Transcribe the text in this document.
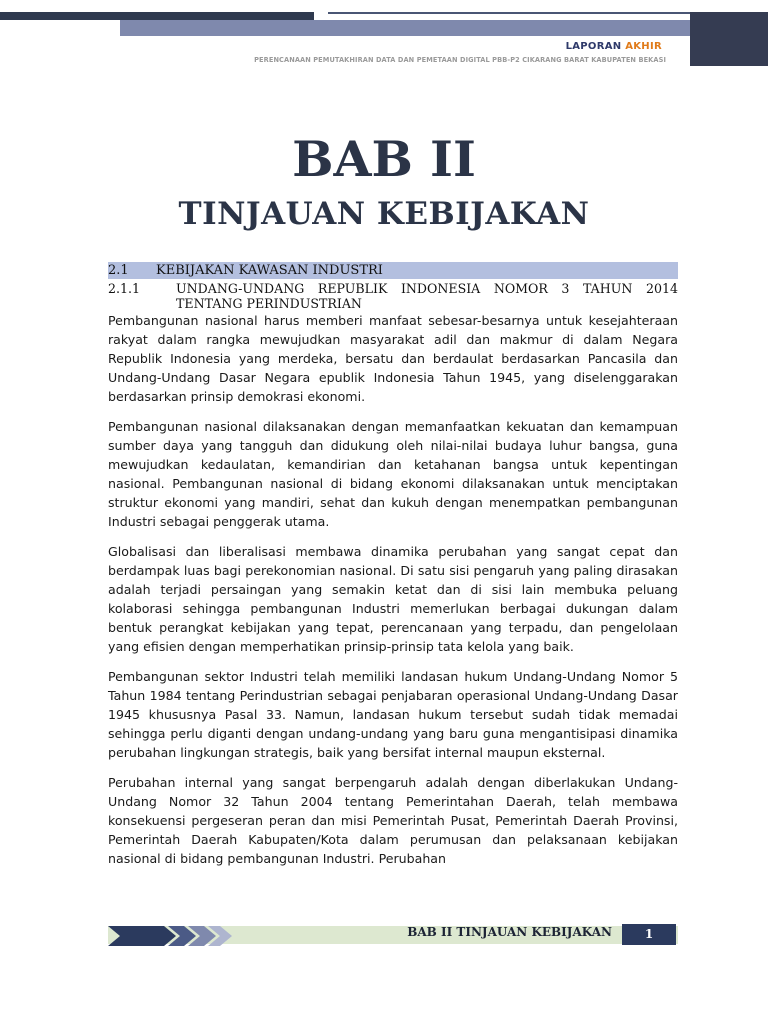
LAPORAN AKHIR
PERENCANAAN PEMUTAKHIRAN DATA DAN PEMETAAN DIGITAL PBB-P2 CIKARANG BARAT KABUPATEN BEKASI
BAB II
TINJAUAN KEBIJAKAN
2.1	KEBIJAKAN KAWASAN INDUSTRI
2.1.1	UNDANG-UNDANG REPUBLIK INDONESIA NOMOR 3 TAHUN 2014 TENTANG PERINDUSTRIAN

Pembangunan nasional harus memberi manfaat sebesar-besarnya untuk kesejahteraan rakyat dalam rangka mewujudkan masyarakat adil dan makmur di dalam Negara Republik Indonesia yang merdeka, bersatu dan berdaulat berdasarkan Pancasila dan Undang-Undang Dasar Negara epublik Indonesia Tahun 1945, yang diselenggarakan berdasarkan prinsip demokrasi ekonomi.

Pembangunan nasional dilaksanakan dengan memanfaatkan kekuatan dan kemampuan sumber daya yang tangguh dan didukung oleh nilai-nilai budaya luhur bangsa, guna mewujudkan kedaulatan, kemandirian dan ketahanan bangsa untuk kepentingan nasional. Pembangunan nasional di bidang ekonomi dilaksanakan untuk menciptakan struktur ekonomi yang mandiri, sehat dan kukuh dengan menempatkan pembangunan Industri sebagai penggerak utama.

Globalisasi dan liberalisasi membawa dinamika perubahan yang sangat cepat dan berdampak luas bagi perekonomian nasional. Di satu sisi pengaruh yang paling dirasakan adalah terjadi persaingan yang semakin ketat dan di sisi lain membuka peluang kolaborasi sehingga pembangunan Industri memerlukan berbagai dukungan dalam bentuk perangkat kebijakan yang tepat, perencanaan yang terpadu, dan pengelolaan yang efisien dengan memperhatikan prinsip-prinsip tata kelola yang baik.

Pembangunan sektor Industri telah memiliki landasan hukum Undang-Undang Nomor 5 Tahun 1984 tentang Perindustrian sebagai penjabaran operasional Undang-Undang Dasar 1945 khususnya Pasal 33. Namun, landasan hukum tersebut sudah tidak memadai sehingga perlu diganti dengan undang-undang yang baru guna mengantisipasi dinamika perubahan lingkungan strategis, baik yang bersifat internal maupun eksternal.

Perubahan internal yang sangat berpengaruh adalah dengan diberlakukan Undang-Undang Nomor 32 Tahun 2004 tentang Pemerintahan Daerah, telah membawa konsekuensi pergeseran peran dan misi Pemerintah Pusat, Pemerintah Daerah Provinsi, Pemerintah Daerah Kabupaten/Kota dalam perumusan dan pelaksanaan kebijakan nasional di bidang pembangunan Industri. Perubahan

BAB II TINJAUAN KEBIJAKAN	1
